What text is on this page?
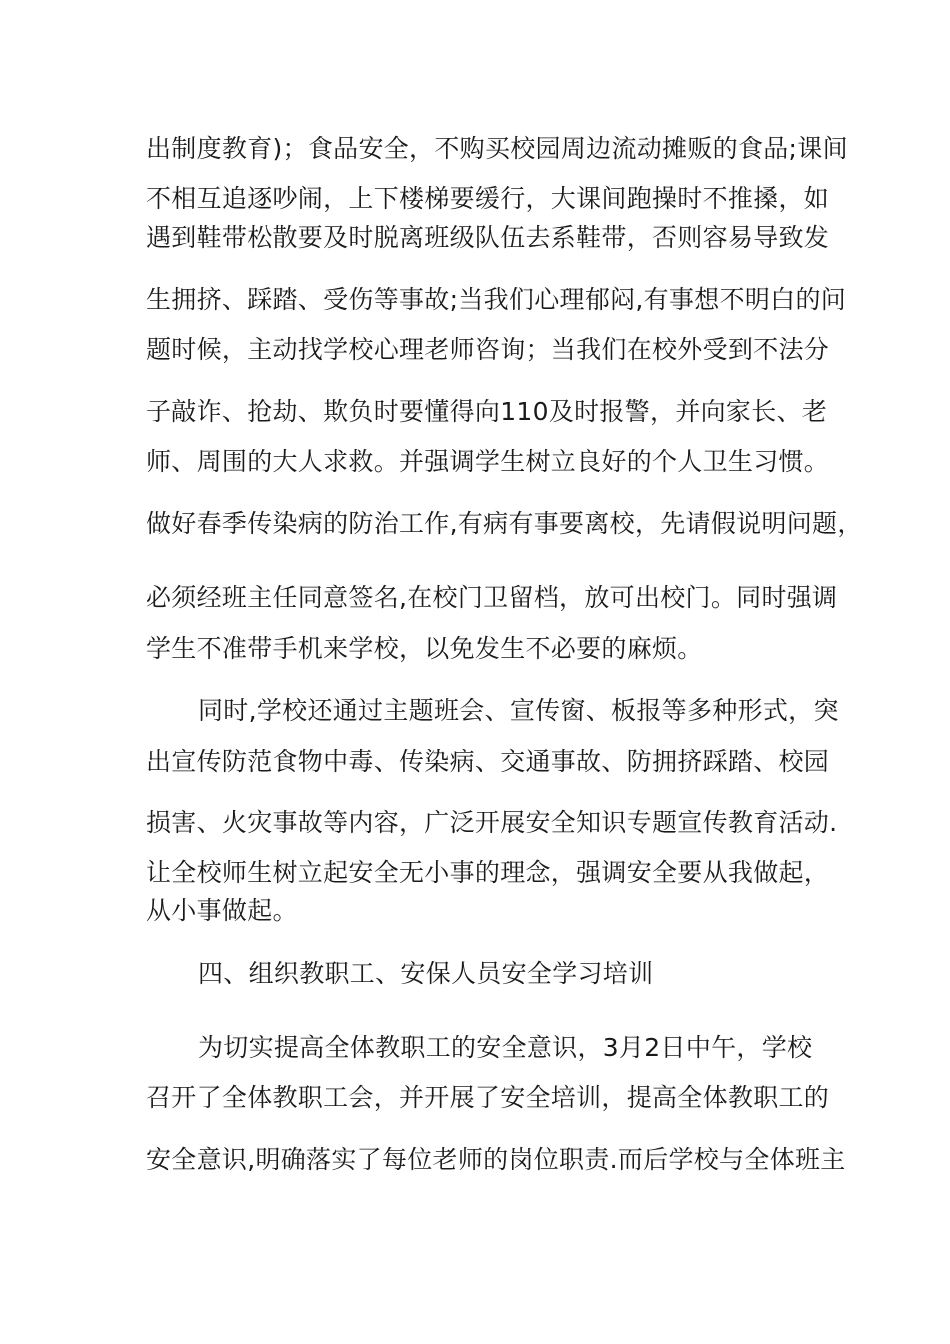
出制度教育)；食品安全，不购买校园周边流动摊贩的食品;课间
不相互追逐吵闹，上下楼梯要缓行，大课间跑操时不推搡，如
遇到鞋带松散要及时脱离班级队伍去系鞋带，否则容易导致发
生拥挤、踩踏、受伤等事故;当我们心理郁闷,有事想不明白的问
题时候，主动找学校心理老师咨询；当我们在校外受到不法分
子敲诈、抢劫、欺负时要懂得向110及时报警，并向家长、老
师、周围的大人求救。并强调学生树立良好的个人卫生习惯。
做好春季传染病的防治工作,有病有事要离校，先请假说明问题，
必须经班主任同意签名,在校门卫留档，放可出校门。同时强调
学生不准带手机来学校，以免发生不必要的麻烦。
同时,学校还通过主题班会、宣传窗、板报等多种形式，突
出宣传防范食物中毒、传染病、交通事故、防拥挤踩踏、校园
损害、火灾事故等内容，广泛开展安全知识专题宣传教育活动.
让全校师生树立起安全无小事的理念，强调安全要从我做起，
从小事做起。
四、组织教职工、安保人员安全学习培训
为切实提高全体教职工的安全意识，3月2日中午，学校
召开了全体教职工会，并开展了安全培训，提高全体教职工的
安全意识,明确落实了每位老师的岗位职责.而后学校与全体班主
